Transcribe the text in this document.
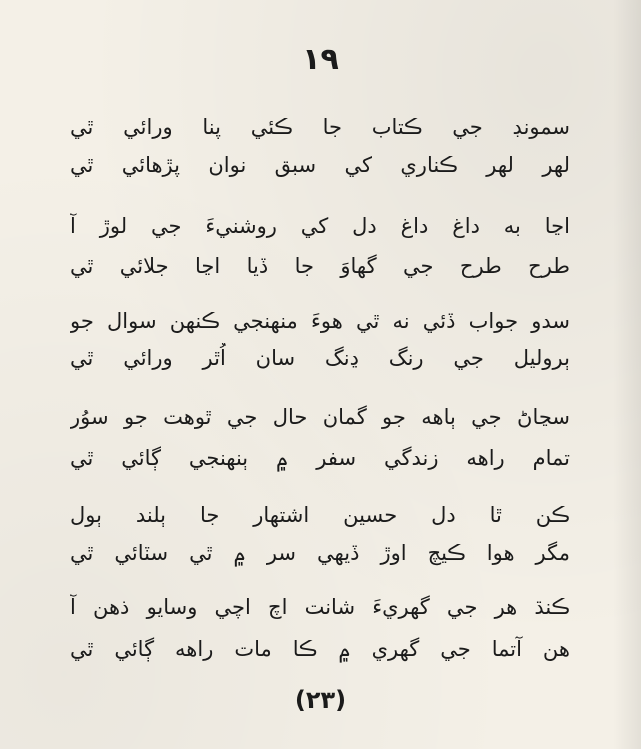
١٩
سمونڊ جي ڪتاب جا ڪئي پنا ورائي ٿي
لهر لهر ڪناري کي سبق نوان پڙهائي ٿي
اڃا به داغ داغ دل کي روشنيءَ جي لوڙ آ
طرح طرح جي گهاوَ جا ڏيا اڃا جلائي ٿي
سدو جواب ڏئي نه ٿي هوءَ منهنجي ڪنهن سوال جو
ٻروليل جي رنگ ڍنگ سان اُٿر ورائي ٿي
سڃاڻ جي ٻاهه جو گمان حال جي ٿوهت جو سوُر
تمام راهه زندگي سفر ۾ ٻنهنجي ڳائي ٿي
ڪن ٿا دل حسين اشتهار جا ٻلند ٻول
مگر هوا ڪيچ اوڙ ڏيهي سر ۾ ٿي سٽائي ٿي
ڪنڌ هر جي گهريءَ شانت اچ اچي وسايو ذهن آ
هن آتما جي گهري ۾ ڪا مات راهه ڳائي ٿي
(٢٣)
